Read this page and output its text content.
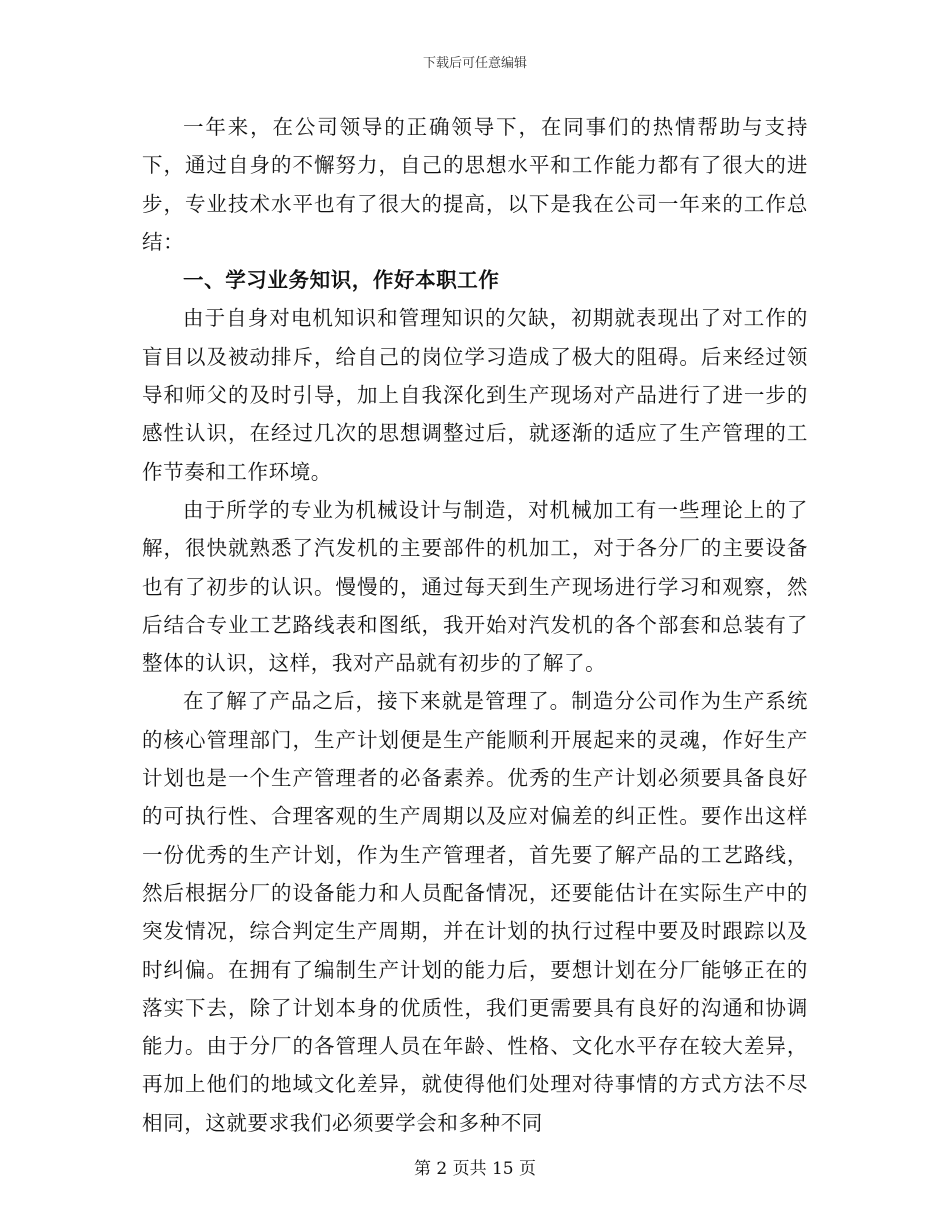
下载后可任意编辑

一年来，在公司领导的正确领导下，在同事们的热情帮助与支持下，通过自身的不懈努力，自己的思想水平和工作能力都有了很大的进步，专业技术水平也有了很大的提高，以下是我在公司一年来的工作总结：

一、学习业务知识，作好本职工作

由于自身对电机知识和管理知识的欠缺，初期就表现出了对工作的盲目以及被动排斥，给自己的岗位学习造成了极大的阻碍。后来经过领导和师父的及时引导，加上自我深化到生产现场对产品进行了进一步的感性认识，在经过几次的思想调整过后，就逐渐的适应了生产管理的工作节奏和工作环境。

由于所学的专业为机械设计与制造，对机械加工有一些理论上的了解，很快就熟悉了汽发机的主要部件的机加工，对于各分厂的主要设备也有了初步的认识。慢慢的，通过每天到生产现场进行学习和观察，然后结合专业工艺路线表和图纸，我开始对汽发机的各个部套和总装有了整体的认识，这样，我对产品就有初步的了解了。

在了解了产品之后，接下来就是管理了。制造分公司作为生产系统的核心管理部门，生产计划便是生产能顺利开展起来的灵魂，作好生产计划也是一个生产管理者的必备素养。优秀的生产计划必须要具备良好的可执行性、合理客观的生产周期以及应对偏差的纠正性。要作出这样一份优秀的生产计划，作为生产管理者，首先要了解产品的工艺路线，然后根据分厂的设备能力和人员配备情况，还要能估计在实际生产中的突发情况，综合判定生产周期，并在计划的执行过程中要及时跟踪以及时纠偏。在拥有了编制生产计划的能力后，要想计划在分厂能够正在的落实下去，除了计划本身的优质性，我们更需要具有良好的沟通和协调能力。由于分厂的各管理人员在年龄、性格、文化水平存在较大差异，再加上他们的地域文化差异，就使得他们处理对待事情的方式方法不尽相同，这就要求我们必须要学会和多种不同

第 2 页共 15 页
